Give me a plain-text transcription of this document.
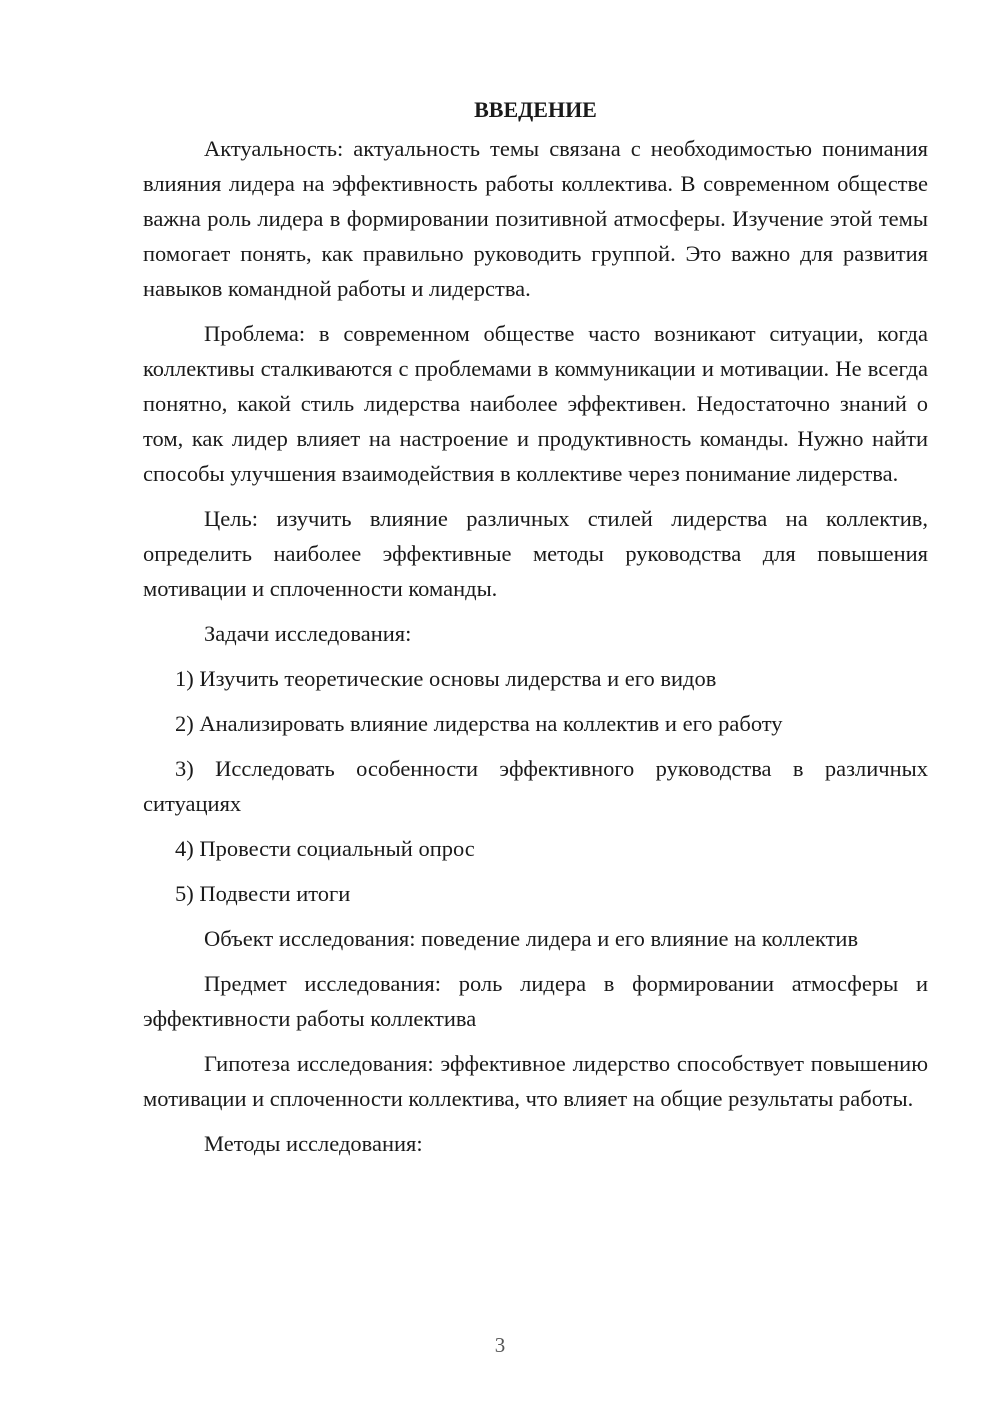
ВВЕДЕНИЕ

Актуальность: актуальность темы связана с необходимостью понимания влияния лидера на эффективность работы коллектива. В современном обществе важна роль лидера в формировании позитивной атмосферы. Изучение этой темы помогает понять, как правильно руководить группой. Это важно для развития навыков командной работы и лидерства.

Проблема: в современном обществе часто возникают ситуации, когда коллективы сталкиваются с проблемами в коммуникации и мотивации. Не всегда понятно, какой стиль лидерства наиболее эффективен. Недостаточно знаний о том, как лидер влияет на настроение и продуктивность команды. Нужно найти способы улучшения взаимодействия в коллективе через понимание лидерства.

Цель: изучить влияние различных стилей лидерства на коллектив, определить наиболее эффективные методы руководства для повышения мотивации и сплоченности команды.

Задачи исследования:

1) Изучить теоретические основы лидерства и его видов

2) Анализировать влияние лидерства на коллектив и его работу

3) Исследовать особенности эффективного руководства в различных ситуациях

4) Провести социальный опрос

5) Подвести итоги

Объект исследования: поведение лидера и его влияние на коллектив

Предмет исследования: роль лидера в формировании атмосферы и эффективности работы коллектива

Гипотеза исследования: эффективное лидерство способствует повышению мотивации и сплоченности коллектива, что влияет на общие результаты работы.

Методы исследования:

3
